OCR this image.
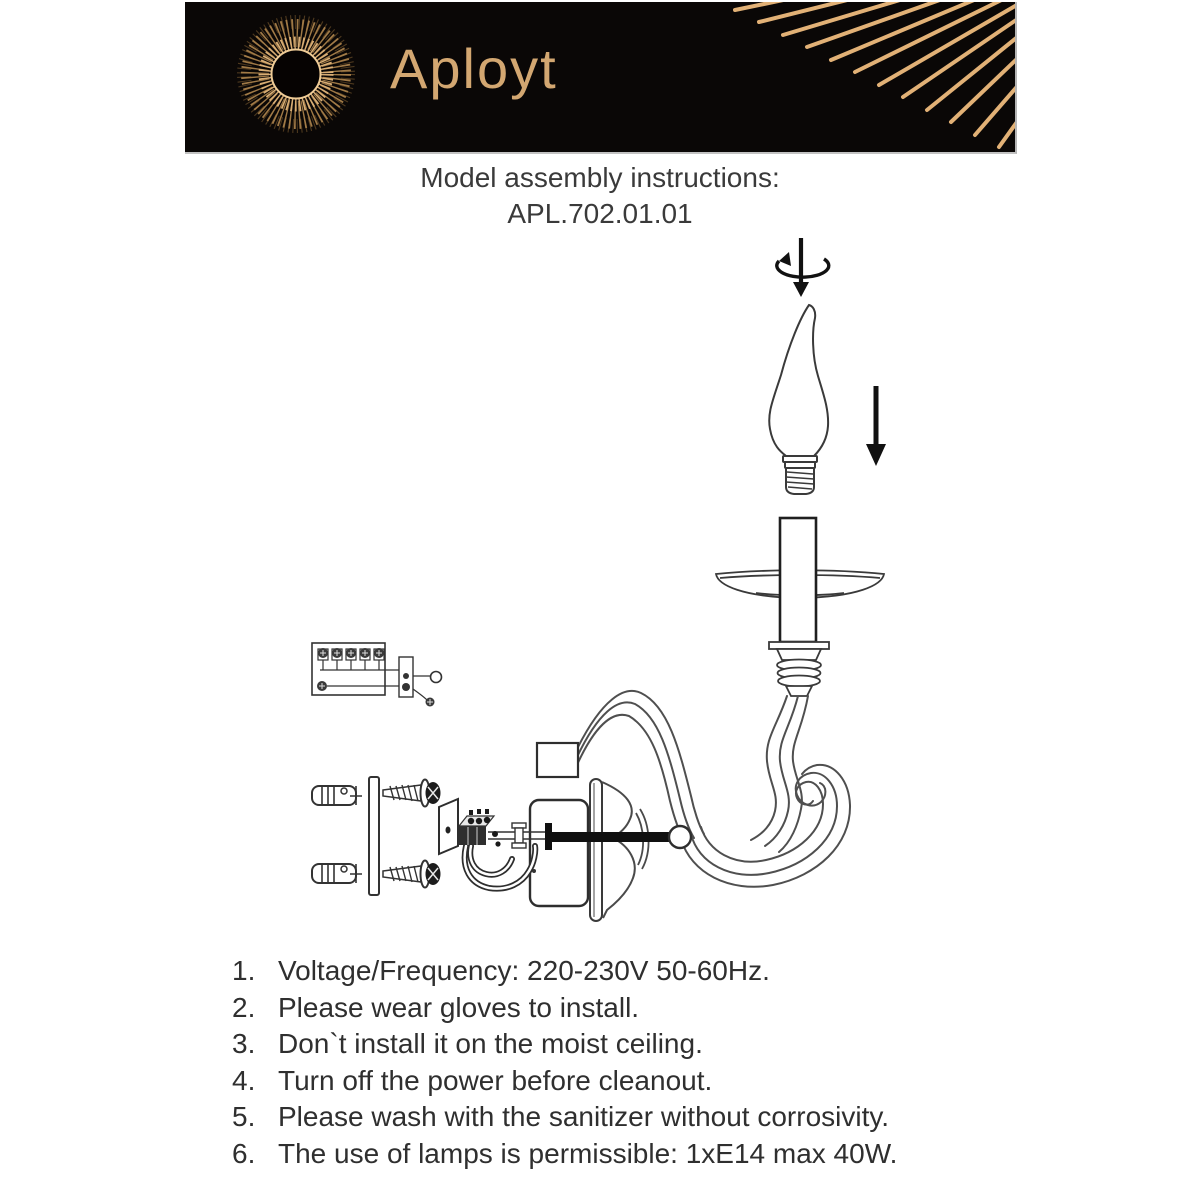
Aployt
Model assembly instructions:
APL.702.01.01
1. Voltage/Frequency: 220-230V 50-60Hz.
2. Please wear gloves to install.
3. Don`t install it on the moist ceiling.
4. Turn off the power before cleanout.
5. Please wash with the sanitizer without corrosivity.
6. The use of lamps is permissible: 1xE14 max 40W.
